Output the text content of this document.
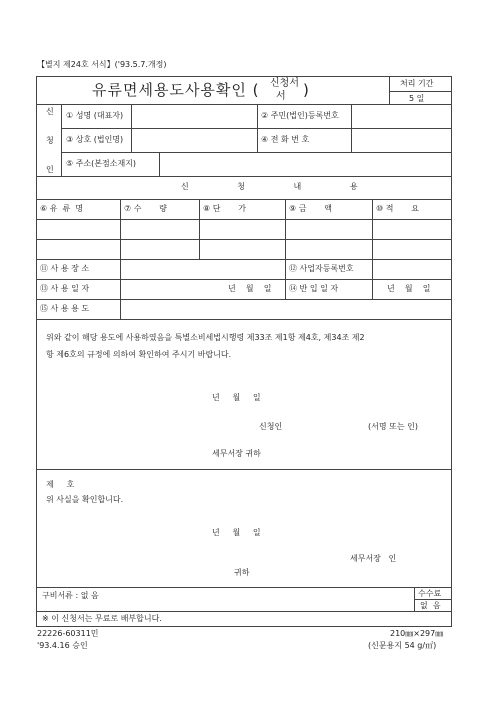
【별지 제24호 서식】('93.5.7.개정)
유류면세용도사용확인 ( 신청서
서 )	처리 기간
5 일
신
청
인
① 성명 (대표자)	② 주민(법인)등록번호
③ 상호 (법인명)	④ 전 화 번 호
⑤ 주소(본점소재지)
신 청 내 용
⑥ 유  류  명	⑦ 수       량	⑧ 단       가	⑨ 금       액	⑩ 적       요
⑪ 사 용 장 소	⑫ 사업자등록번호
⑬ 사 용 일 자	년    월    일 ⑭ 반 입 일 자	년    월    일
⑮ 사 용 용 도
위와 같이 해당 용도에 사용하였음을 특별소비세법시행령 제33조 제1항 제4호, 제34조 제2
항 제6호의 규정에 의하여 확인하여 주시기 바랍니다.
년     월     일
신청인	(서명 또는 인)
세무서장 귀하
제     호
위 사실을 확인합니다.
년     월     일
세무서장   인
귀하
구비서류 : 없 음	수수료
없  음
※ 이 신청서는 무료로 배부합니다.
22226-60311민	210㎜×297㎜
'93.4.16 승인	(신문용지 54 g/㎡)
